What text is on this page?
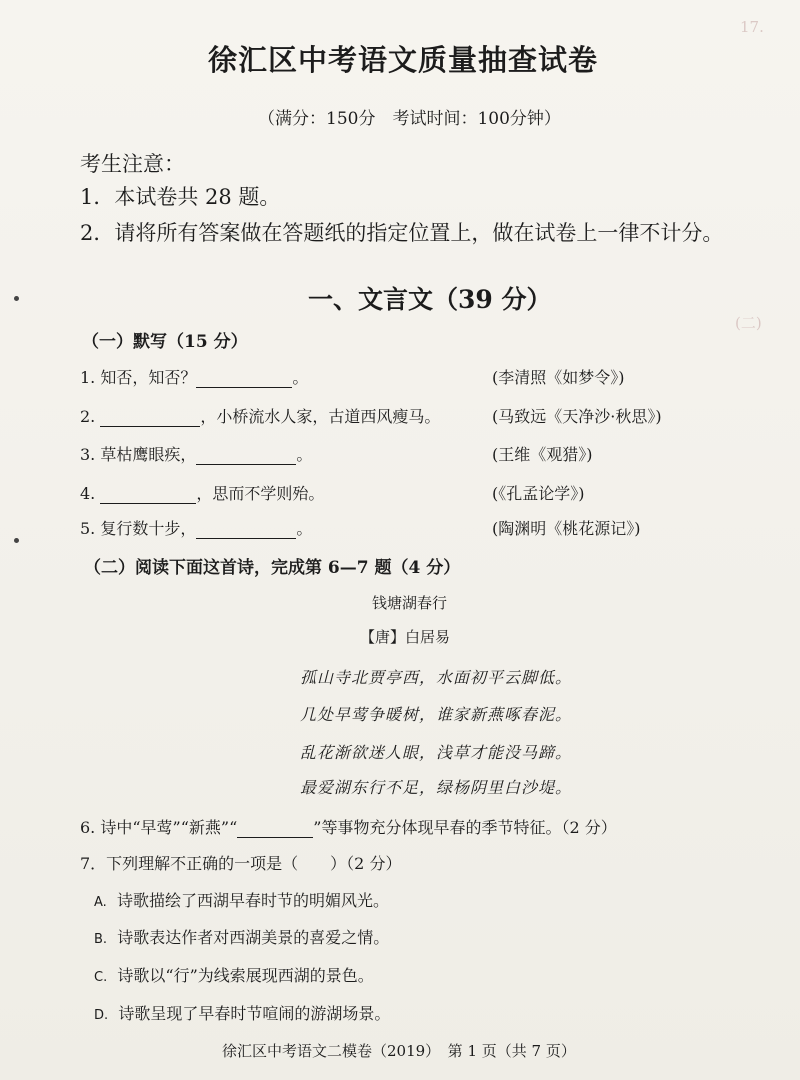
17.
(二)
徐汇区中考语文质量抽查试卷
（满分：150分　考试时间：100分钟）
考生注意：
1．本试卷共 28 题。
2．请将所有答案做在答题纸的指定位置上，做在试卷上一律不计分。
一、文言文（39 分）
（一）默写（15 分）
1. 知否，知否？	。	(李清照《如梦令》)
2.	，小桥流水人家，古道西风瘦马。	(马致远《天净沙·秋思》)
3. 草枯鹰眼疾，	。	(王维《观猎》)
4.	，思而不学则殆。	(《孔孟论学》)
5. 复行数十步，	。	(陶渊明《桃花源记》)
（二）阅读下面这首诗，完成第 6—7 题（4 分）
钱塘湖春行
【唐】白居易
孤山寺北贾亭西，水面初平云脚低。
几处早莺争暖树，谁家新燕啄春泥。
乱花渐欲迷人眼，浅草才能没马蹄。
最爱湖东行不足，绿杨阴里白沙堤。
6. 诗中“早莺”“新燕”“	”等事物充分体现早春的季节特征。（2 分）
7．下列理解不正确的一项是（　　）（2 分）
A. 诗歌描绘了西湖早春时节的明媚风光。
B. 诗歌表达作者对西湖美景的喜爱之情。
C. 诗歌以“行”为线索展现西湖的景色。
D. 诗歌呈现了早春时节喧闹的游湖场景。
徐汇区中考语文二模卷（2019）　第 1 页（共 7 页）
